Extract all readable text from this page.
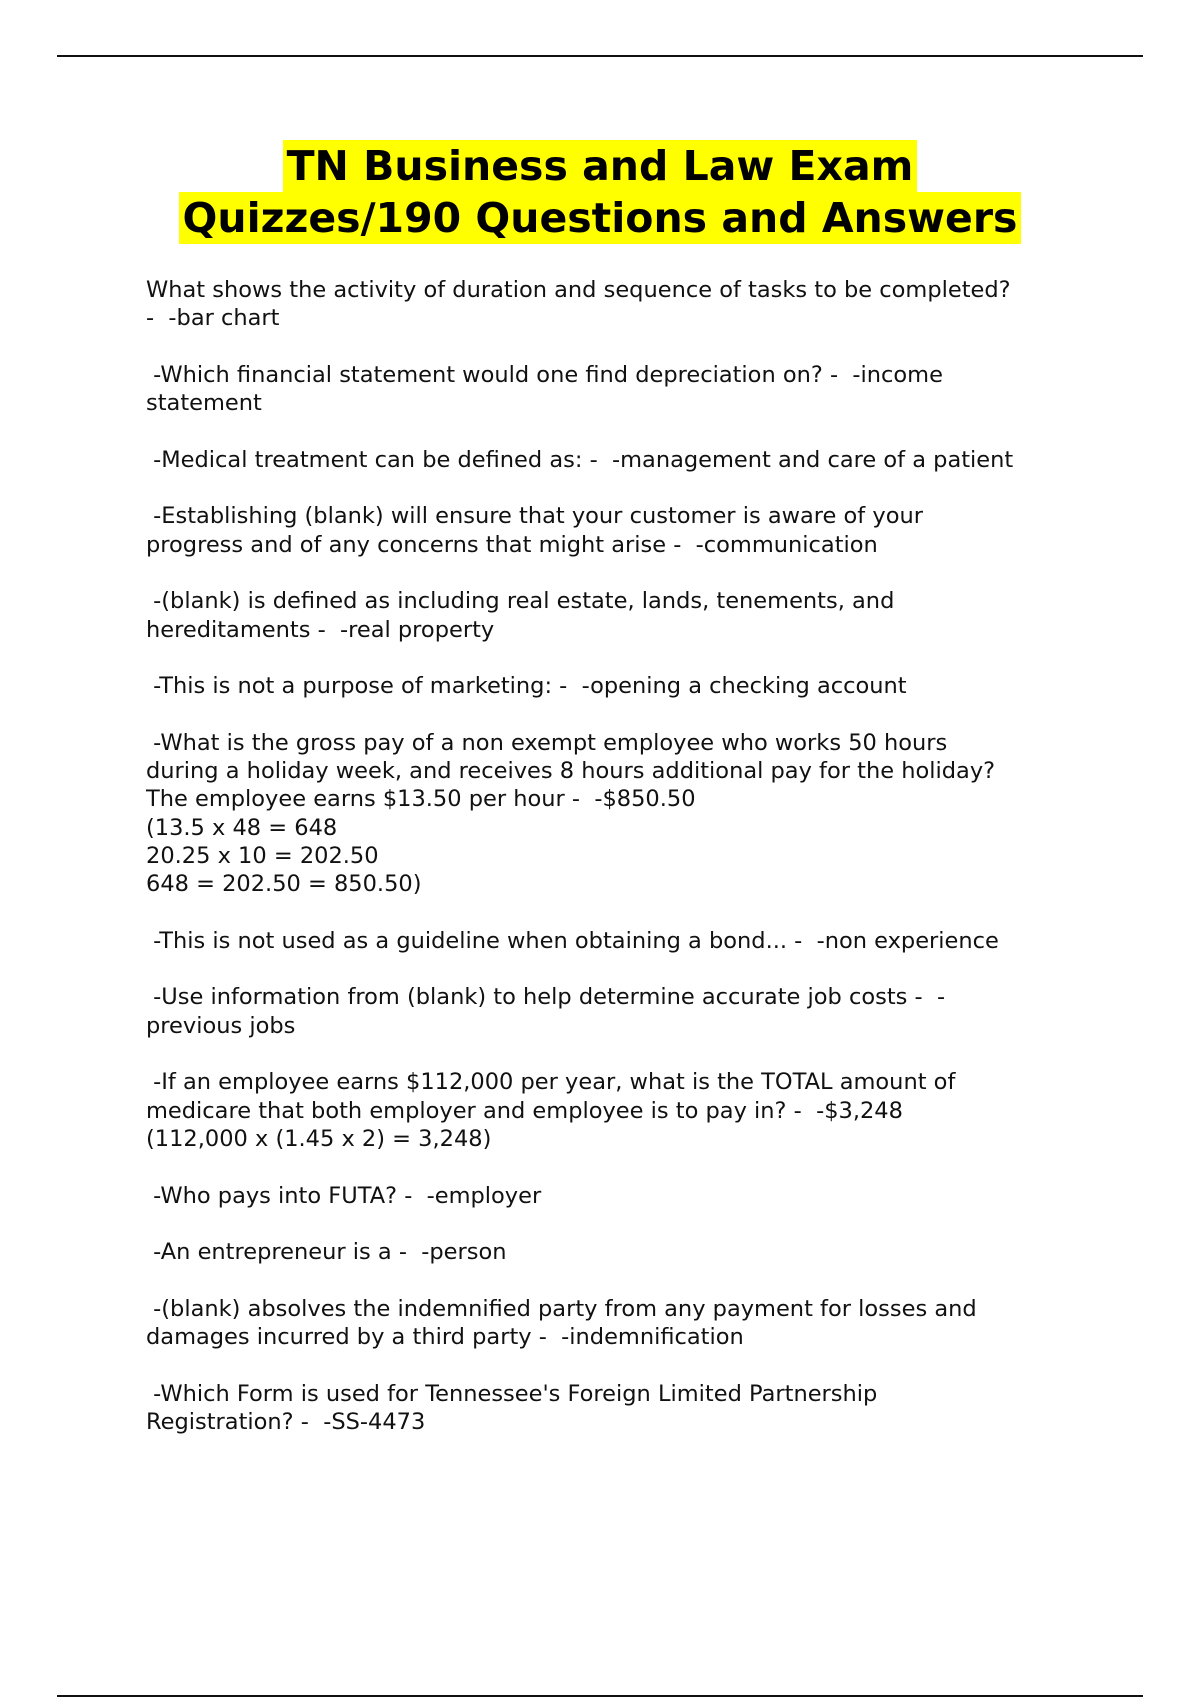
TN Business and Law Exam
Quizzes/190 Questions and Answers
What shows the activity of duration and sequence of tasks to be completed?
-  -bar chart
-Which financial statement would one find depreciation on? -  -income
statement
-Medical treatment can be defined as: -  -management and care of a patient
-Establishing (blank) will ensure that your customer is aware of your
progress and of any concerns that might arise -  -communication
-(blank) is defined as including real estate, lands, tenements, and
hereditaments -  -real property
-This is not a purpose of marketing: -  -opening a checking account
-What is the gross pay of a non exempt employee who works 50 hours
during a holiday week, and receives 8 hours additional pay for the holiday?
The employee earns $13.50 per hour -  -$850.50
(13.5 x 48 = 648
20.25 x 10 = 202.50
648 = 202.50 = 850.50)
-This is not used as a guideline when obtaining a bond... -  -non experience
-Use information from (blank) to help determine accurate job costs -  -
previous jobs
-If an employee earns $112,000 per year, what is the TOTAL amount of
medicare that both employer and employee is to pay in? -  -$3,248
(112,000 x (1.45 x 2) = 3,248)
-Who pays into FUTA? -  -employer
-An entrepreneur is a -  -person
-(blank) absolves the indemnified party from any payment for losses and
damages incurred by a third party -  -indemnification
-Which Form is used for Tennessee's Foreign Limited Partnership
Registration? -  -SS-4473
